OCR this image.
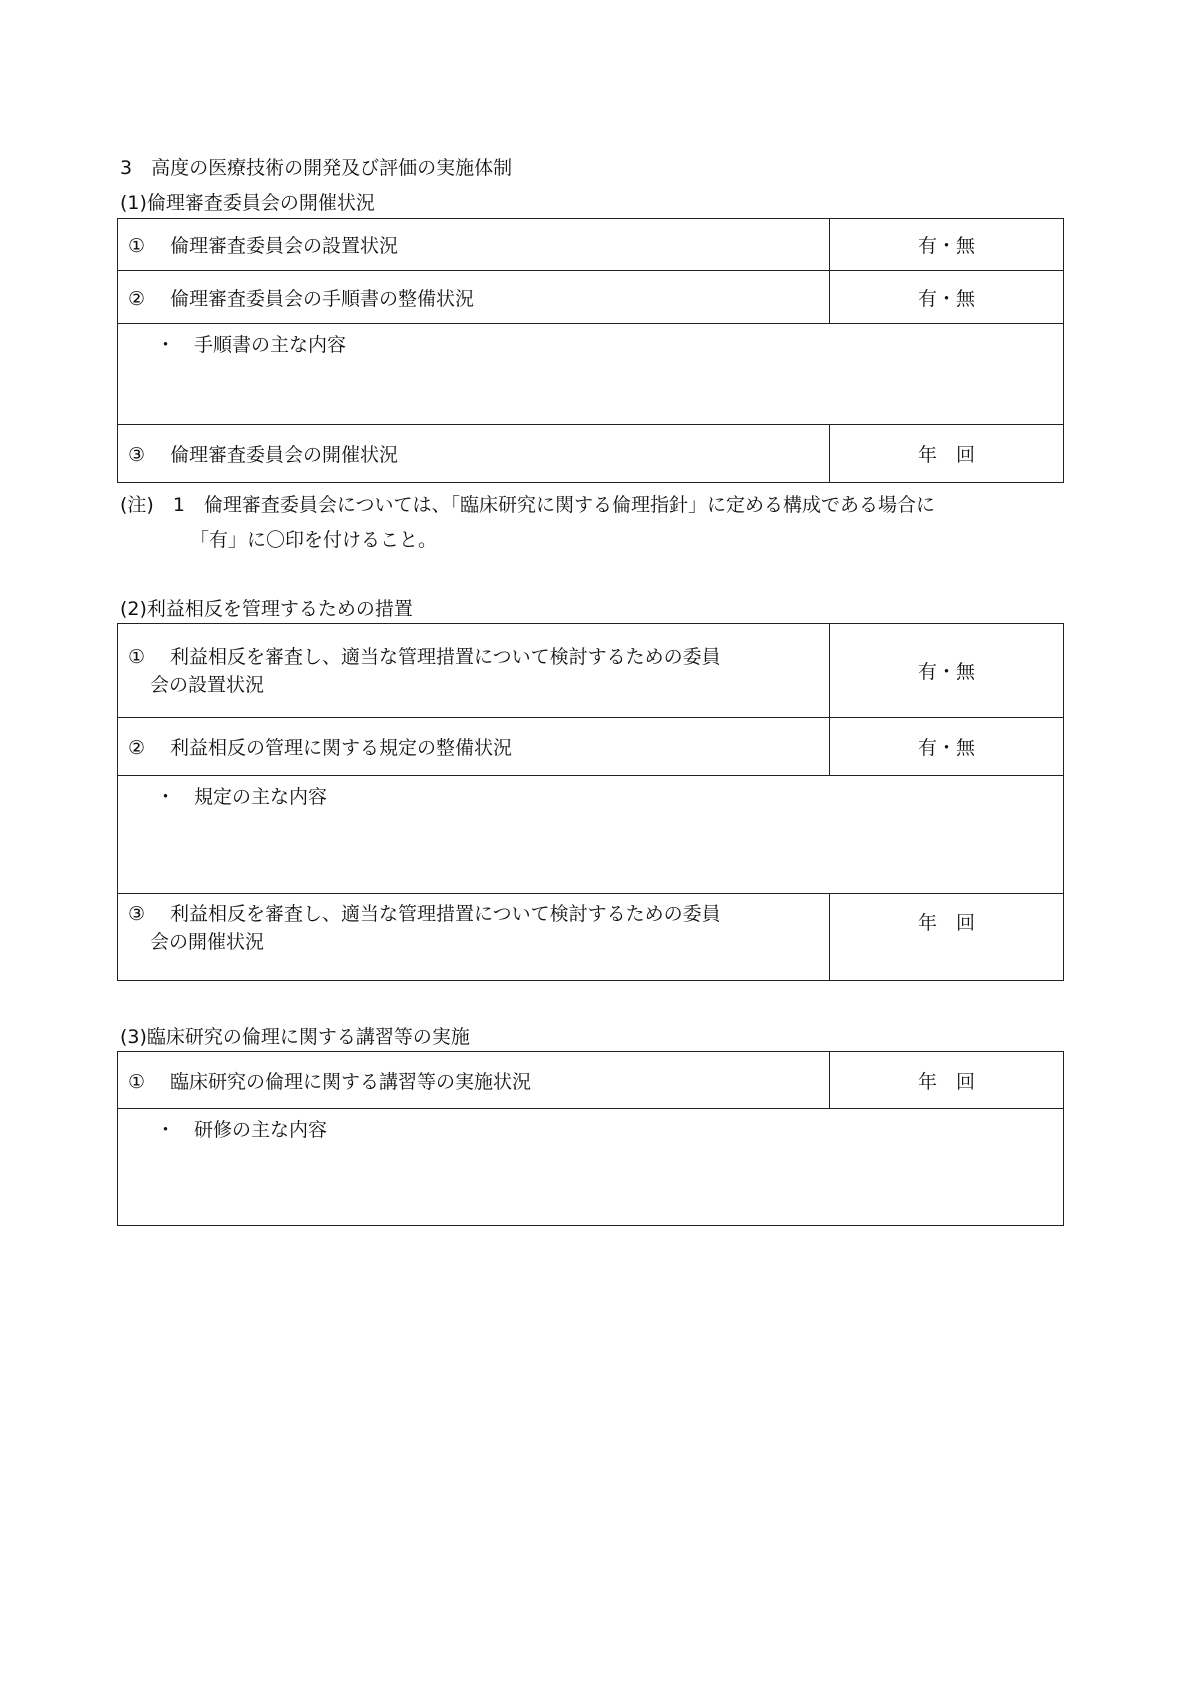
3　高度の医療技術の開発及び評価の実施体制
(1)倫理審査委員会の開催状況
① 倫理審査委員会の設置状況	有・無
② 倫理審査委員会の手順書の整備状況	有・無
・　手順書の主な内容	
③ 倫理審査委員会の開催状況	年　回
(注)　1　倫理審査委員会については、「臨床研究に関する倫理指針」に定める構成である場合に
「有」に〇印を付けること。
(2)利益相反を管理するための措置
① 利益相反を審査し、適当な管理措置について検討するための委員
会の設置状況	有・無
② 利益相反の管理に関する規定の整備状況	有・無
・　規定の主な内容	
③ 利益相反を審査し、適当な管理措置について検討するための委員
会の開催状況	年　回
(3)臨床研究の倫理に関する講習等の実施
① 臨床研究の倫理に関する講習等の実施状況	年　回
・　研修の主な内容
